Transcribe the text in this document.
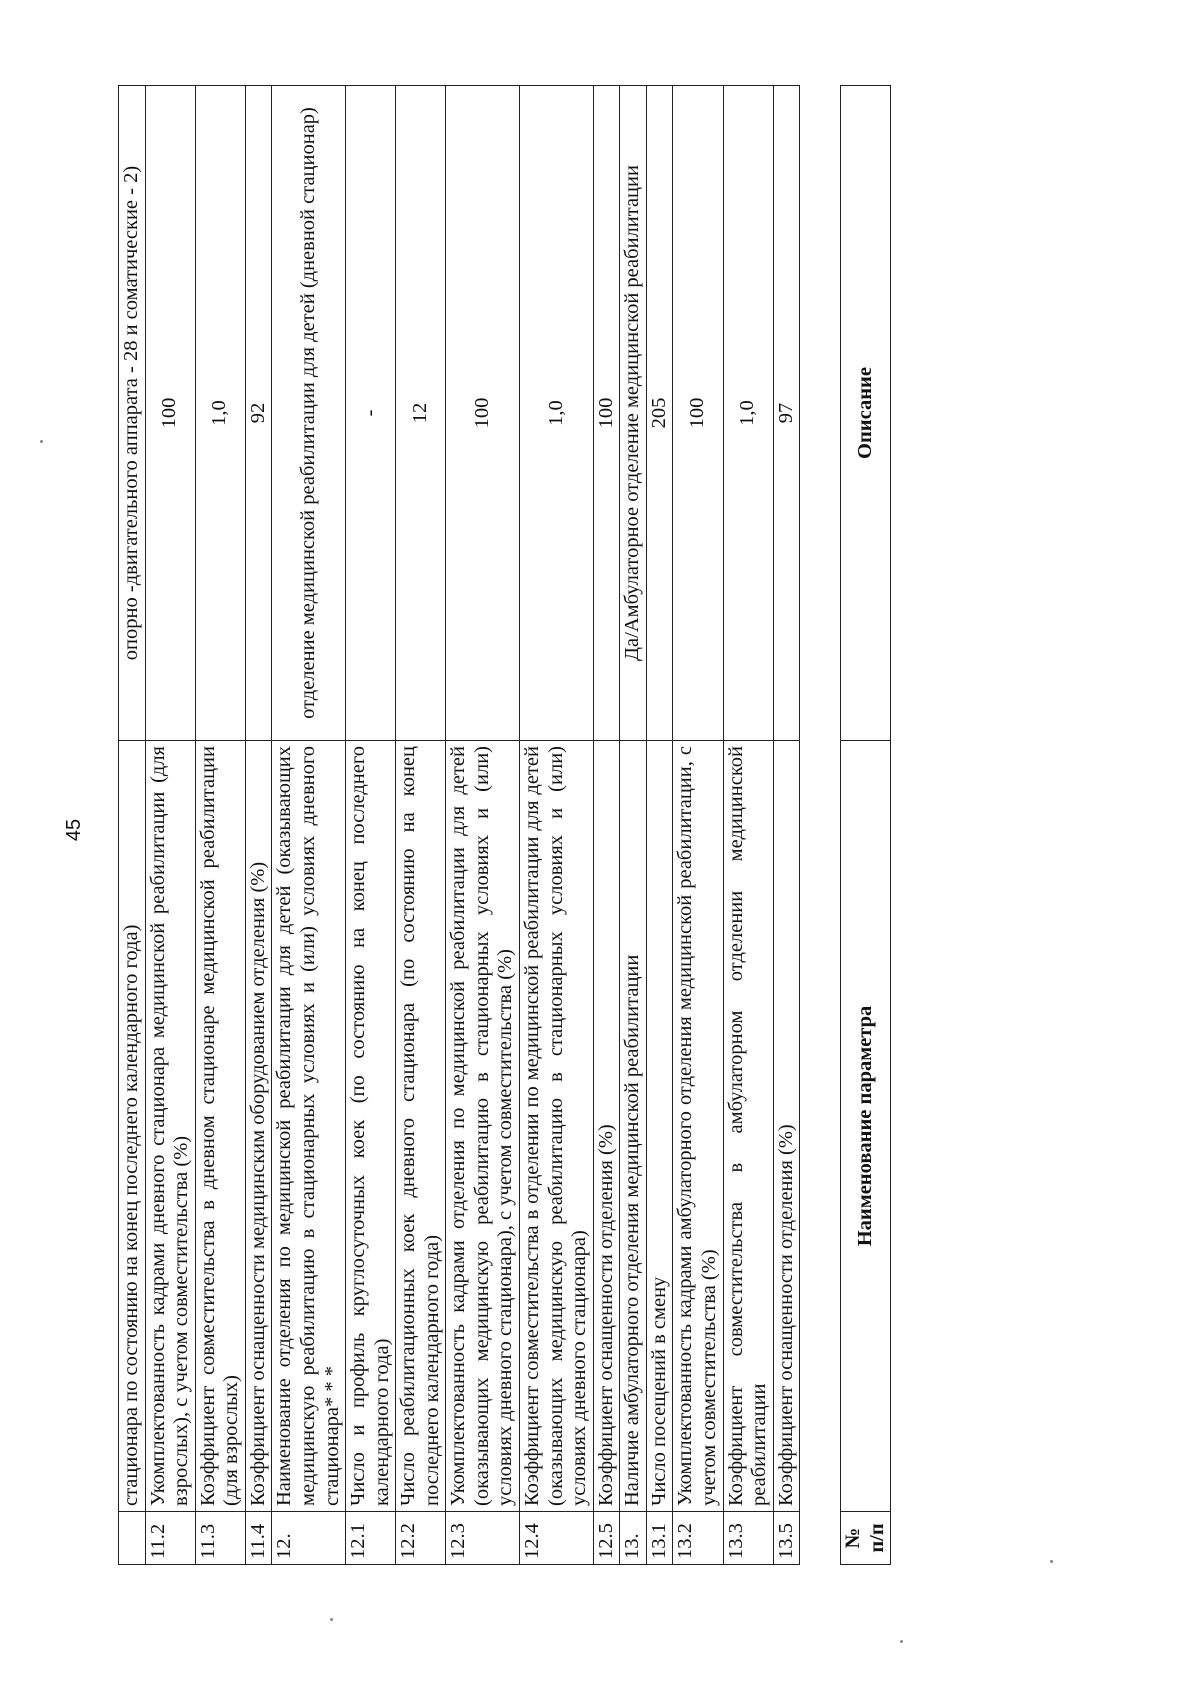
45
	стационара по состоянию на конец последнего календарного года)	опорно -двигательного аппарата - 28 и соматические - 2)
11.2	Укомплектованность кадрами дневного стационара медицинской реабилитации (для взрослых), с учетом совместительства (%)	100
11.3	Коэффициент совместительства в дневном стационаре медицинской реабилитации (для взрослых)	1,0
11.4	Коэффициент оснащенности медицинским оборудованием отделения (%)	92
12.	Наименование отделения по медицинской реабилитации для детей (оказывающих медицинскую реабилитацию в стационарных условиях и (или) условиях дневного стационара* * *	отделение медицинской реабилитации для детей (дневной стационар)
12.1	Число и профиль круглосуточных коек (по состоянию на конец последнего календарного года)	-
12.2	Число реабилитационных коек дневного стационара (по состоянию на конец последнего календарного года)	12
12.3	Укомплектованность кадрами отделения по медицинской реабилитации для детей (оказывающих медицинскую реабилитацию в стационарных условиях и (или) условиях дневного стационара), с учетом совместительства (%)	100
12.4	Коэффициент совместительства в отделении по медицинской реабилитации для детей (оказывающих медицинскую реабилитацию в стационарных условиях и (или) условиях дневного стационара)	1,0
12.5	Коэффициент оснащенности отделения (%)	100
13.	Наличие амбулаторного отделения медицинской реабилитации	Да/Амбулаторное отделение медицинской реабилитации
13.1	Число посещений в смену	205
13.2	Укомплектованность кадрами амбулаторного отделения медицинской реабилитации, с учетом совместительства (%)	100
13.3	Коэффициент совместительства в амбулаторном отделении медицинской реабилитации	1,0
13.5	Коэффициент оснащенности отделения (%)	97
№ п/п	Наименование параметра	Описание
